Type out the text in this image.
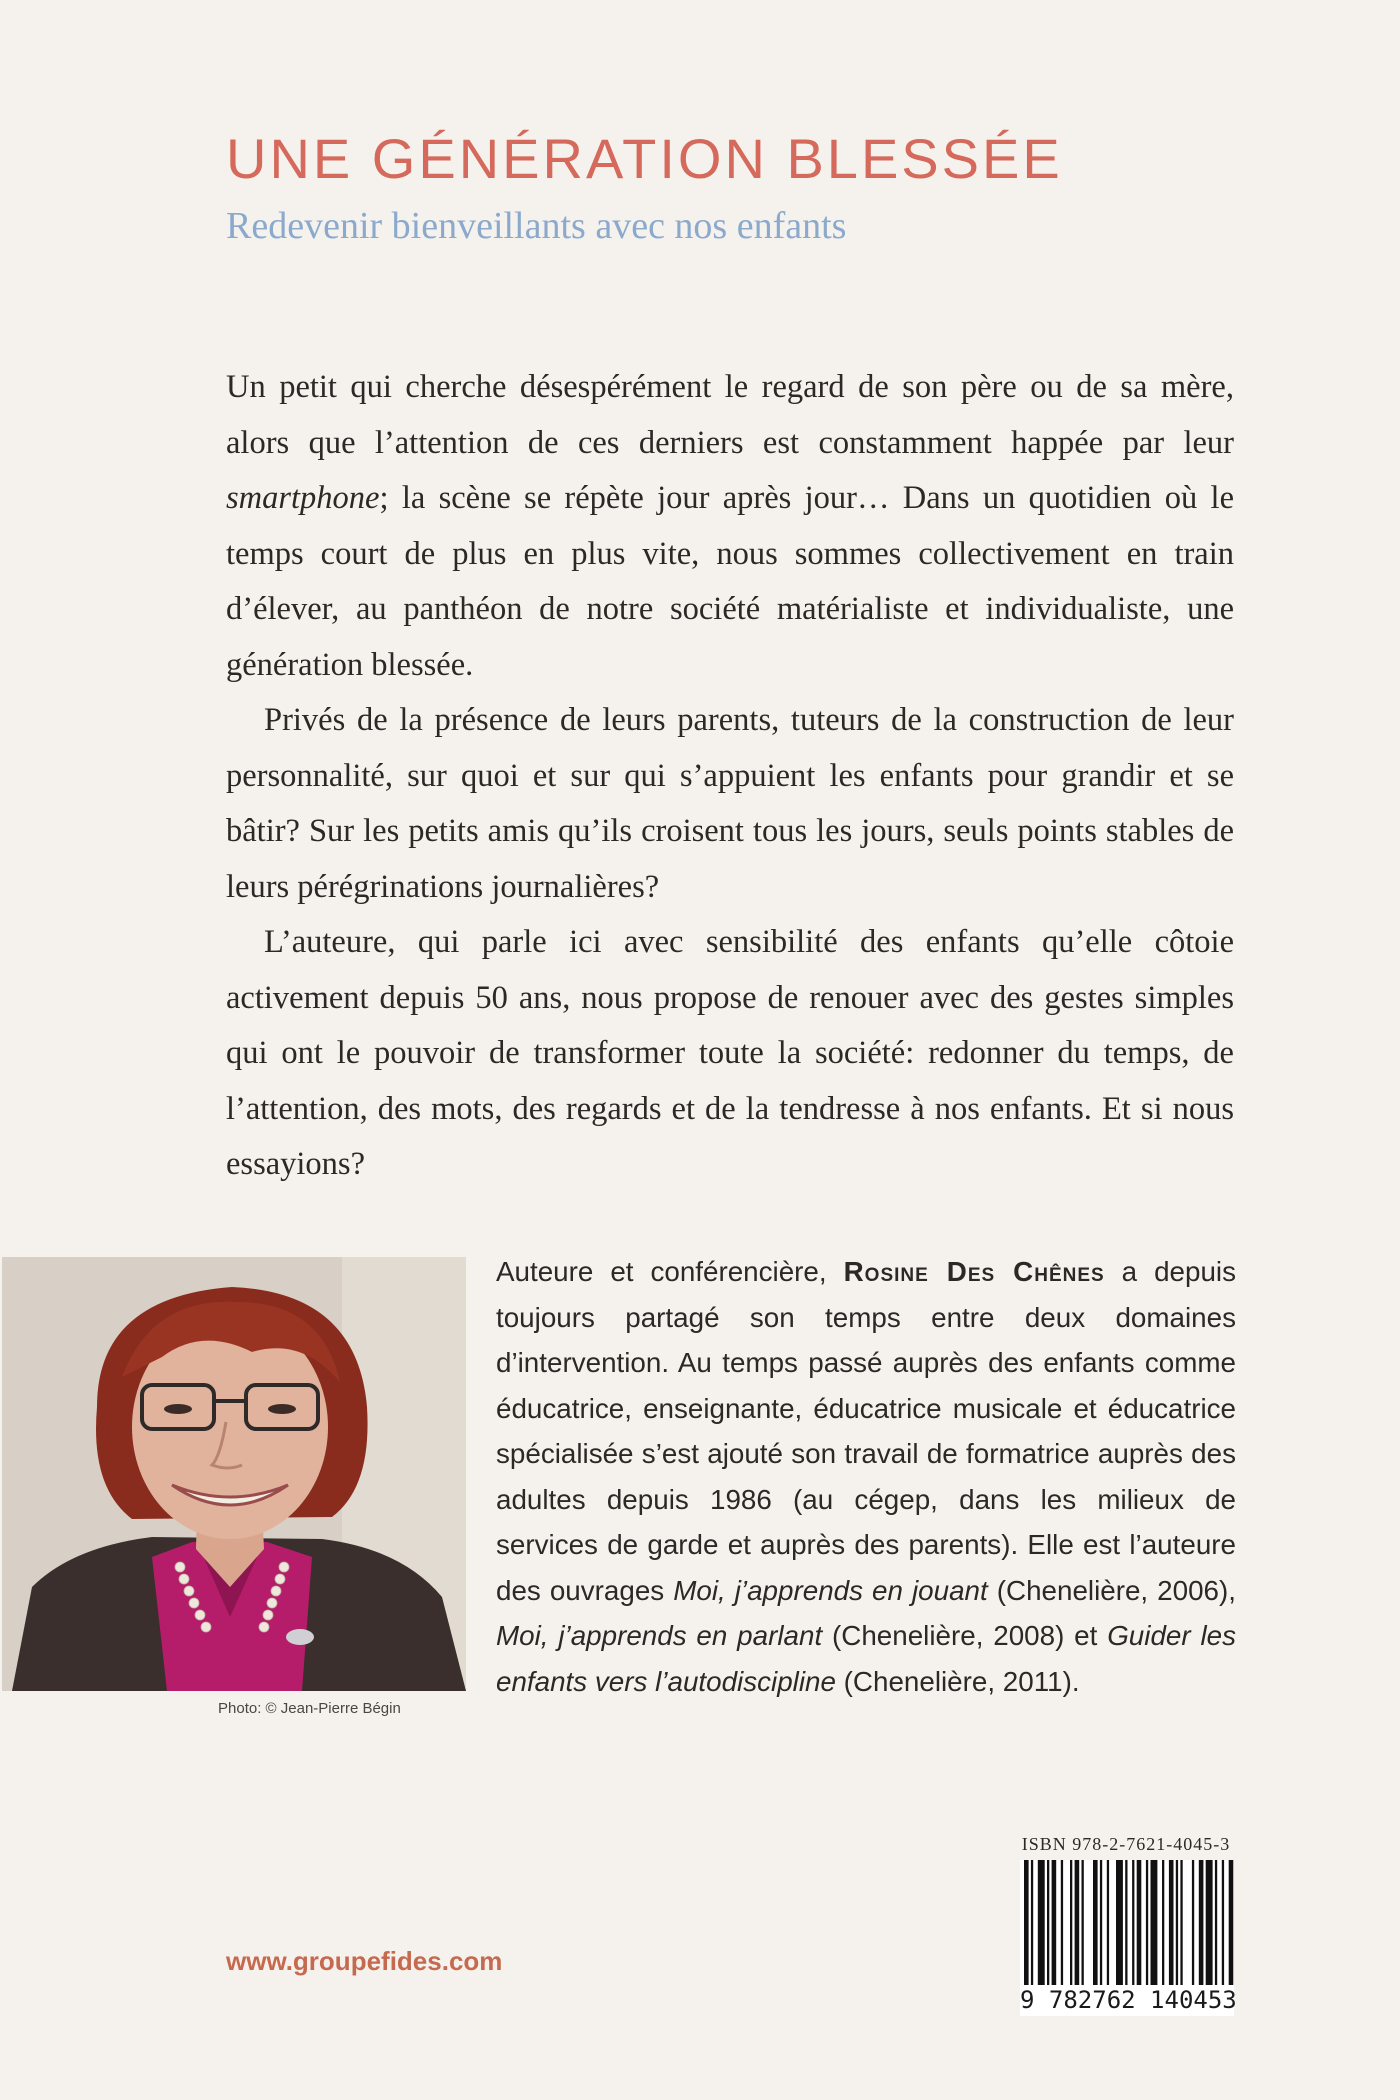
UNE GÉNÉRATION BLESSÉE
Redevenir bienveillants avec nos enfants

Un petit qui cherche désespérément le regard de son père ou de sa mère, alors que l’attention de ces derniers est constamment happée par leur smartphone; la scène se répète jour après jour… Dans un quotidien où le temps court de plus en plus vite, nous sommes collectivement en train d’élever, au panthéon de notre société matérialiste et individualiste, une génération blessée.

Privés de la présence de leurs parents, tuteurs de la construction de leur personnalité, sur quoi et sur qui s’appuient les enfants pour grandir et se bâtir? Sur les petits amis qu’ils croisent tous les jours, seuls points stables de leurs pérégrinations journalières?

L’auteure, qui parle ici avec sensibilité des enfants qu’elle côtoie activement depuis 50 ans, nous propose de renouer avec des gestes simples qui ont le pouvoir de transformer toute la société: redonner du temps, de l’attention, des mots, des regards et de la tendresse à nos enfants. Et si nous essayions?

Photo: © Jean-Pierre Bégin
Auteure et conférencière, Rosine Des Chênes a depuis toujours partagé son temps entre deux domaines d’intervention. Au temps passé auprès des enfants comme éducatrice, enseignante, éducatrice musicale et éducatrice spécialisée s’est ajouté son travail de formatrice auprès des adultes depuis 1986 (au cégep, dans les milieux de services de garde et auprès des parents). Elle est l’auteure des ouvrages Moi, j’apprends en jouant (Chenelière, 2006), Moi, j’apprends en parlant (Chenelière, 2008) et Guider les enfants vers l’autodiscipline (Chenelière, 2011).
ISBN 978-2-7621-4045-3
9 782762 140453
www.groupefides.com
